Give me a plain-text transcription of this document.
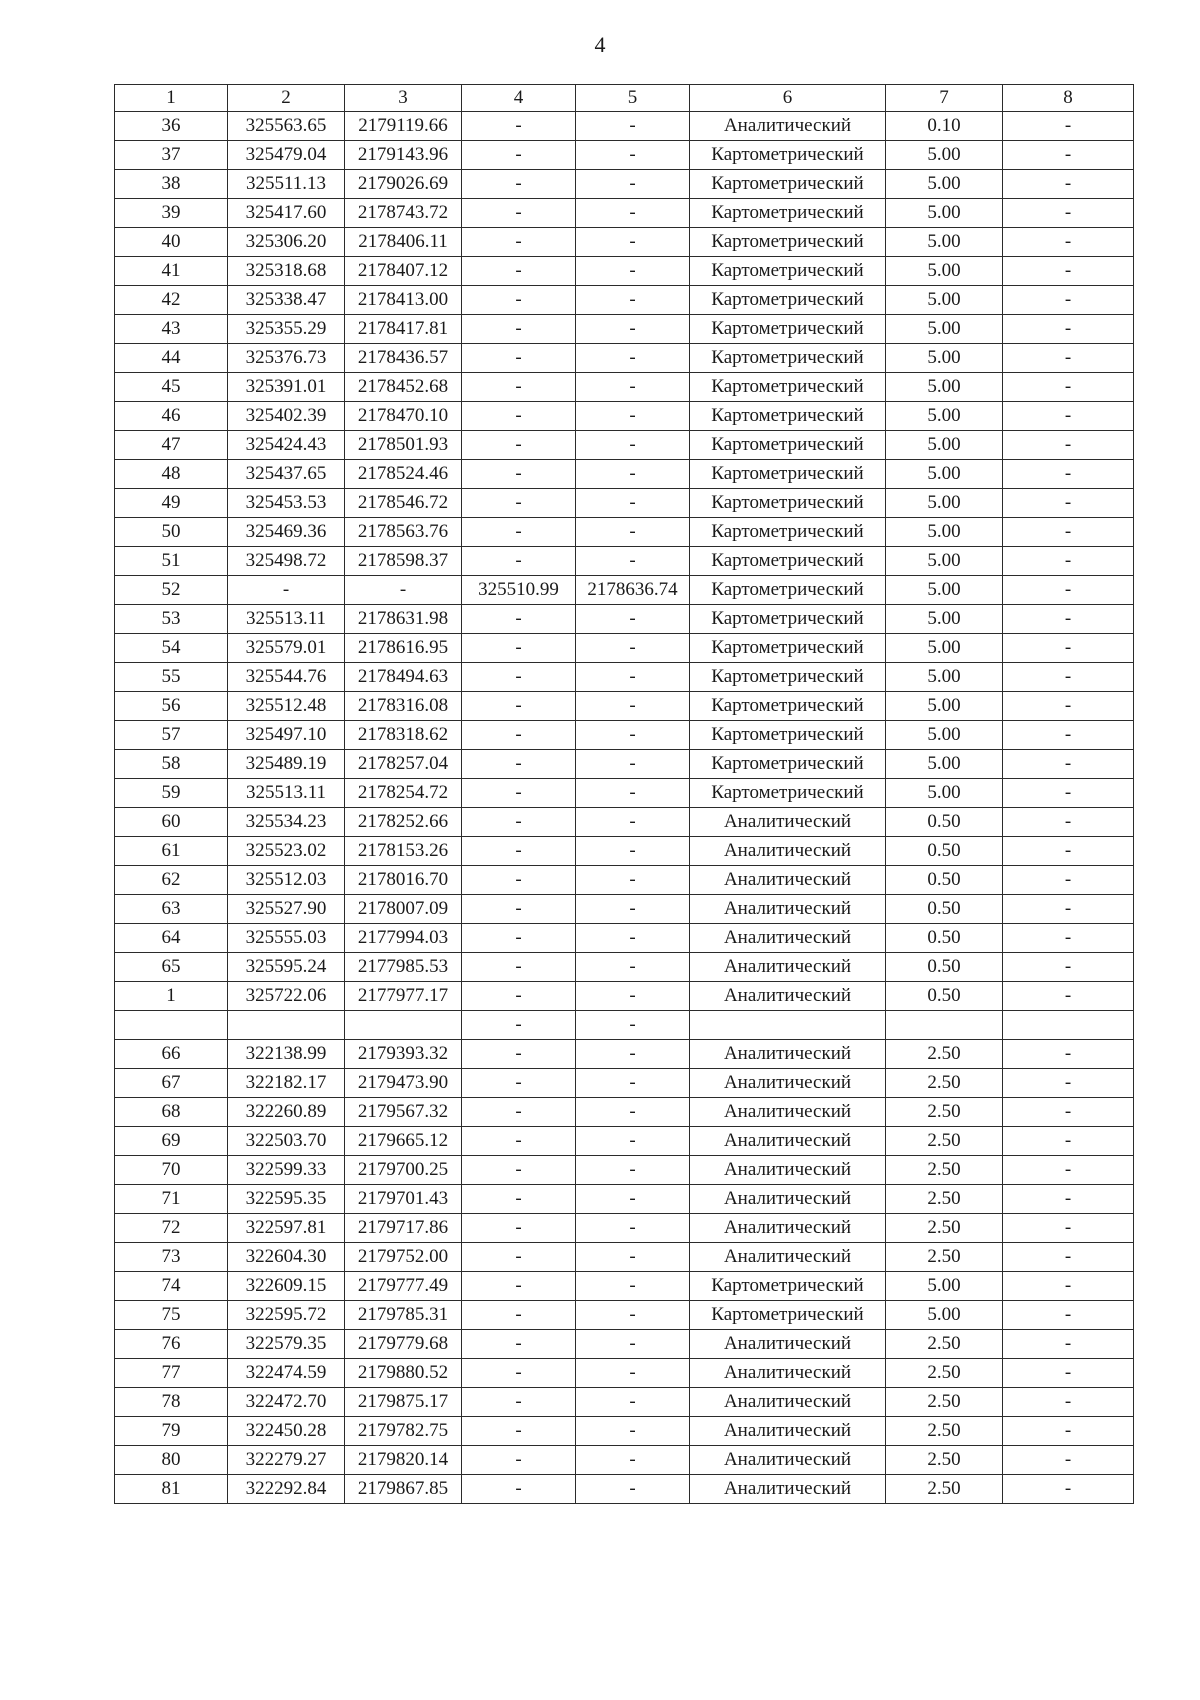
4
1	2	3	4	5	6	7	8
36	325563.65	2179119.66	-	-	Аналитический	0.10	-
37	325479.04	2179143.96	-	-	Картометрический	5.00	-
38	325511.13	2179026.69	-	-	Картометрический	5.00	-
39	325417.60	2178743.72	-	-	Картометрический	5.00	-
40	325306.20	2178406.11	-	-	Картометрический	5.00	-
41	325318.68	2178407.12	-	-	Картометрический	5.00	-
42	325338.47	2178413.00	-	-	Картометрический	5.00	-
43	325355.29	2178417.81	-	-	Картометрический	5.00	-
44	325376.73	2178436.57	-	-	Картометрический	5.00	-
45	325391.01	2178452.68	-	-	Картометрический	5.00	-
46	325402.39	2178470.10	-	-	Картометрический	5.00	-
47	325424.43	2178501.93	-	-	Картометрический	5.00	-
48	325437.65	2178524.46	-	-	Картометрический	5.00	-
49	325453.53	2178546.72	-	-	Картометрический	5.00	-
50	325469.36	2178563.76	-	-	Картометрический	5.00	-
51	325498.72	2178598.37	-	-	Картометрический	5.00	-
52	-	-	325510.99	2178636.74	Картометрический	5.00	-
53	325513.11	2178631.98	-	-	Картометрический	5.00	-
54	325579.01	2178616.95	-	-	Картометрический	5.00	-
55	325544.76	2178494.63	-	-	Картометрический	5.00	-
56	325512.48	2178316.08	-	-	Картометрический	5.00	-
57	325497.10	2178318.62	-	-	Картометрический	5.00	-
58	325489.19	2178257.04	-	-	Картометрический	5.00	-
59	325513.11	2178254.72	-	-	Картометрический	5.00	-
60	325534.23	2178252.66	-	-	Аналитический	0.50	-
61	325523.02	2178153.26	-	-	Аналитический	0.50	-
62	325512.03	2178016.70	-	-	Аналитический	0.50	-
63	325527.90	2178007.09	-	-	Аналитический	0.50	-
64	325555.03	2177994.03	-	-	Аналитический	0.50	-
65	325595.24	2177985.53	-	-	Аналитический	0.50	-
1	325722.06	2177977.17	-	-	Аналитический	0.50	-
			-	-			
66	322138.99	2179393.32	-	-	Аналитический	2.50	-
67	322182.17	2179473.90	-	-	Аналитический	2.50	-
68	322260.89	2179567.32	-	-	Аналитический	2.50	-
69	322503.70	2179665.12	-	-	Аналитический	2.50	-
70	322599.33	2179700.25	-	-	Аналитический	2.50	-
71	322595.35	2179701.43	-	-	Аналитический	2.50	-
72	322597.81	2179717.86	-	-	Аналитический	2.50	-
73	322604.30	2179752.00	-	-	Аналитический	2.50	-
74	322609.15	2179777.49	-	-	Картометрический	5.00	-
75	322595.72	2179785.31	-	-	Картометрический	5.00	-
76	322579.35	2179779.68	-	-	Аналитический	2.50	-
77	322474.59	2179880.52	-	-	Аналитический	2.50	-
78	322472.70	2179875.17	-	-	Аналитический	2.50	-
79	322450.28	2179782.75	-	-	Аналитический	2.50	-
80	322279.27	2179820.14	-	-	Аналитический	2.50	-
81	322292.84	2179867.85	-	-	Аналитический	2.50	-
